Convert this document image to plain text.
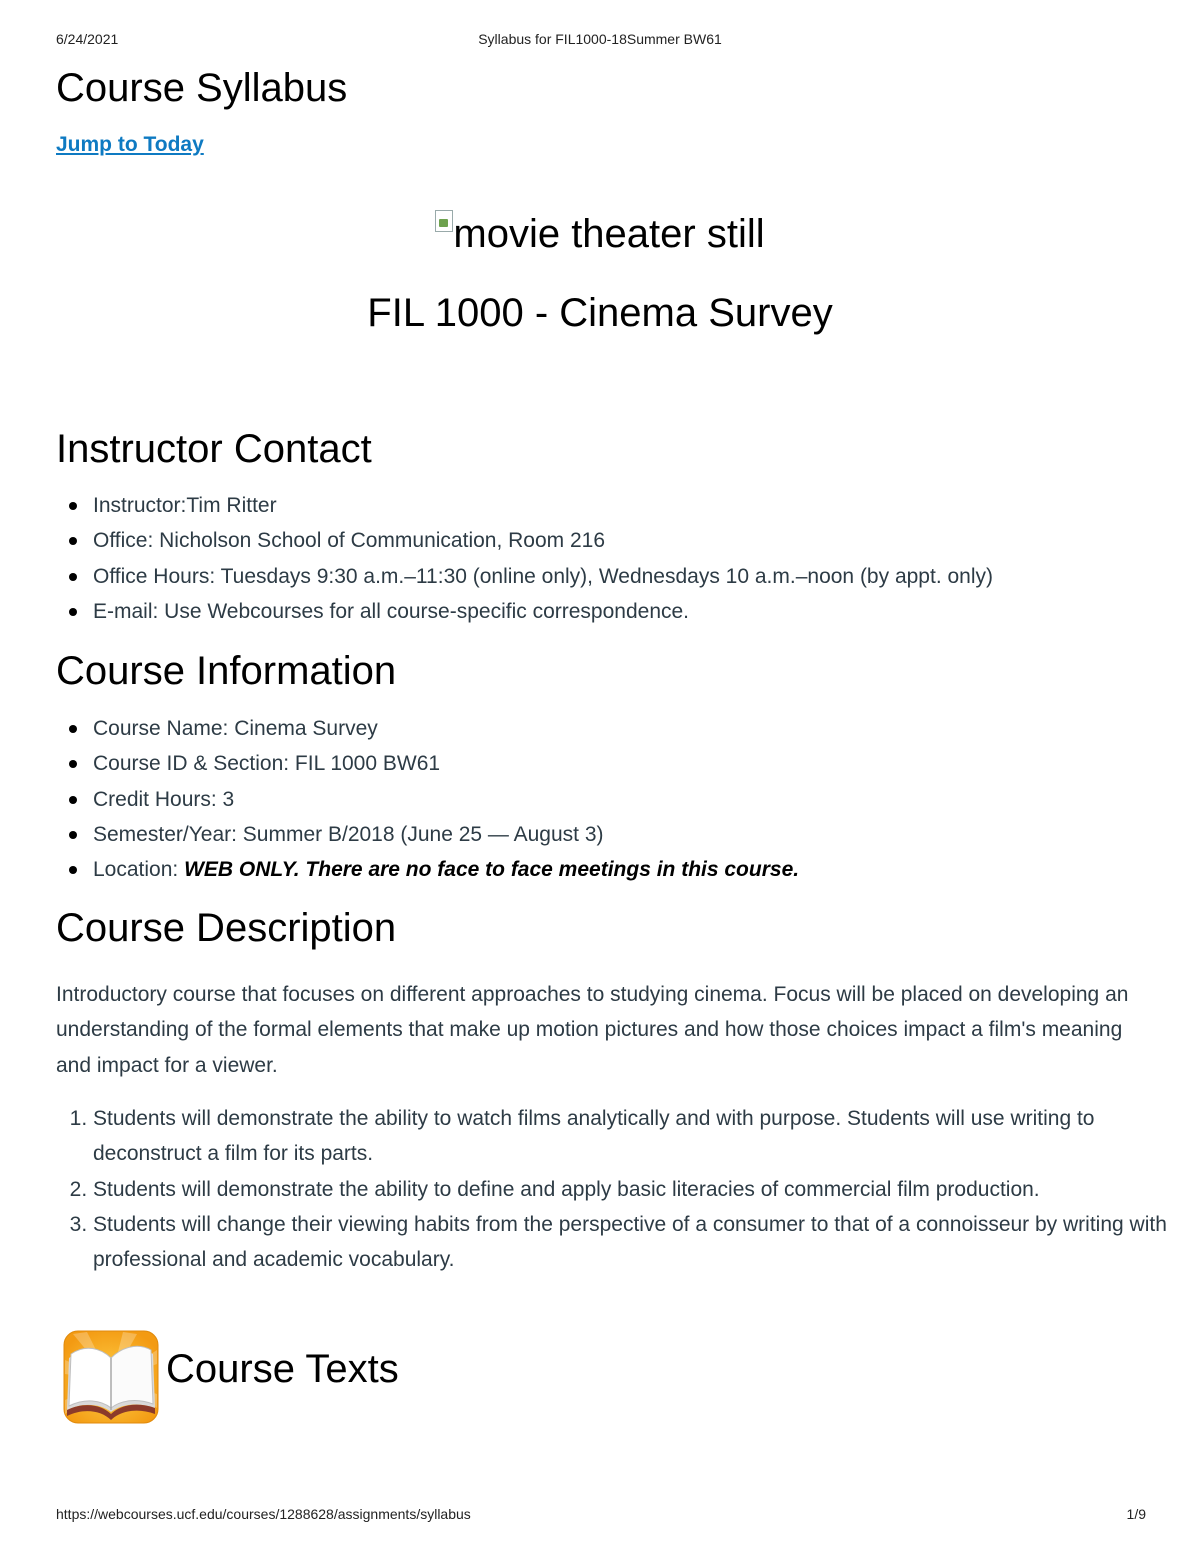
6/24/2021	Syllabus for FIL1000-18Summer BW61
Course Syllabus
Jump to Today
movie theater still
FIL 1000 - Cinema Survey
Instructor Contact
Instructor:Tim Ritter
Office: Nicholson School of Communication, Room 216
Office Hours: Tuesdays 9:30 a.m.–11:30 (online only), Wednesdays 10 a.m.–noon (by appt. only)
E-mail: Use Webcourses for all course-specific correspondence.
Course Information
Course Name: Cinema Survey
Course ID & Section: FIL 1000 BW61
Credit Hours: 3
Semester/Year: Summer B/2018 (June 25 — August 3)
Location: WEB ONLY. There are no face to face meetings in this course.
Course Description

Introductory course that focuses on different approaches to studying cinema. Focus will be placed on developing an understanding of the formal elements that make up motion pictures and how those choices impact a film's meaning and impact for a viewer.

1. Students will demonstrate the ability to watch films analytically and with purpose. Students will use writing to deconstruct a film for its parts.
2. Students will demonstrate the ability to define and apply basic literacies of commercial film production.
3. Students will change their viewing habits from the perspective of a consumer to that of a connoisseur by writing with professional and academic vocabulary.
Course Texts
https://webcourses.ucf.edu/courses/1288628/assignments/syllabus	1/9
